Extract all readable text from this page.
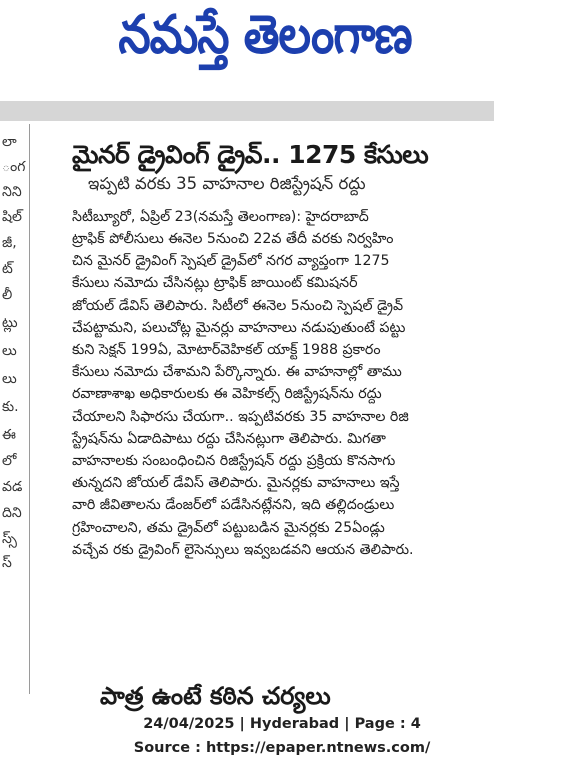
నమస్తే తెలంగాణ
లా
ంగ
నిని
షిల్
జీ,
ట్
లీ
ట్లు
లు
లు
కు.
ఈ
లో
వడ
దిని
స్స్
స్
మైనర్ డ్రైవింగ్ డ్రైవ్.. 1275 కేసులు
ఇప్పటి వరకు 35 వాహనాల రిజిస్ట్రేషన్ రద్దు
సిటీబ్యూరో, ఏప్రిల్ 23(నమస్తే తెలంగాణ): హైదరాబాద్
ట్రాఫిక్ పోలీసులు ఈనెల 5నుంచి 22వ తేదీ వరకు నిర్వహిం
చిన మైనర్ డ్రైవింగ్ స్పెషల్ డ్రైవ్‌లో నగర వ్యాప్తంగా 1275
కేసులు నమోదు చేసినట్లు ట్రాఫిక్ జాయింట్ కమిషనర్
జోయల్ డేవిస్ తెలిపారు. సిటీలో ఈనెల 5నుంచి స్పెషల్ డ్రైవ్
చేపట్టామని, పలుచోట్ల మైనర్లు వాహనాలు నడుపుతుంటే పట్టు
కుని సెక్షన్ 199ఏ, మోటార్‌వెహికల్ యాక్ట్ 1988 ప్రకారం
కేసులు నమోదు చేశామని పేర్కొన్నారు. ఈ వాహనాల్లో తాము
రవాణాశాఖ అధికారులకు ఈ వెహికల్స్ రిజిస్ట్రేషన్‌ను రద్దు
చేయాలని సిఫారసు చేయగా.. ఇప్పటివరకు 35 వాహనాల రిజి
స్ట్రేషన్‌ను ఏడాదిపాటు రద్దు చేసినట్లుగా తెలిపారు. మిగతా
వాహనాలకు సంబంధించిన రిజిస్ట్రేషన్ రద్దు ప్రక్రియ కొనసాగు
తున్నదని జోయల్ డేవిస్ తెలిపారు. మైనర్లకు వాహనాలు ఇస్తే
వారి జీవితాలను డేంజర్‌లో పడేసినట్లేనని, ఇది తల్లిదండ్రులు
గ్రహించాలని, తమ డ్రైవ్‌లో పట్టుబడిన మైనర్లకు 25ఏండ్లు
వచ్చేవ రకు డ్రైవింగ్ లైసెన్సులు ఇవ్వబడవని ఆయన తెలిపారు.
పాత్ర ఉంటే కఠిన చర్యలు
24/04/2025 | Hyderabad | Page : 4
Source : https://epaper.ntnews.com/
